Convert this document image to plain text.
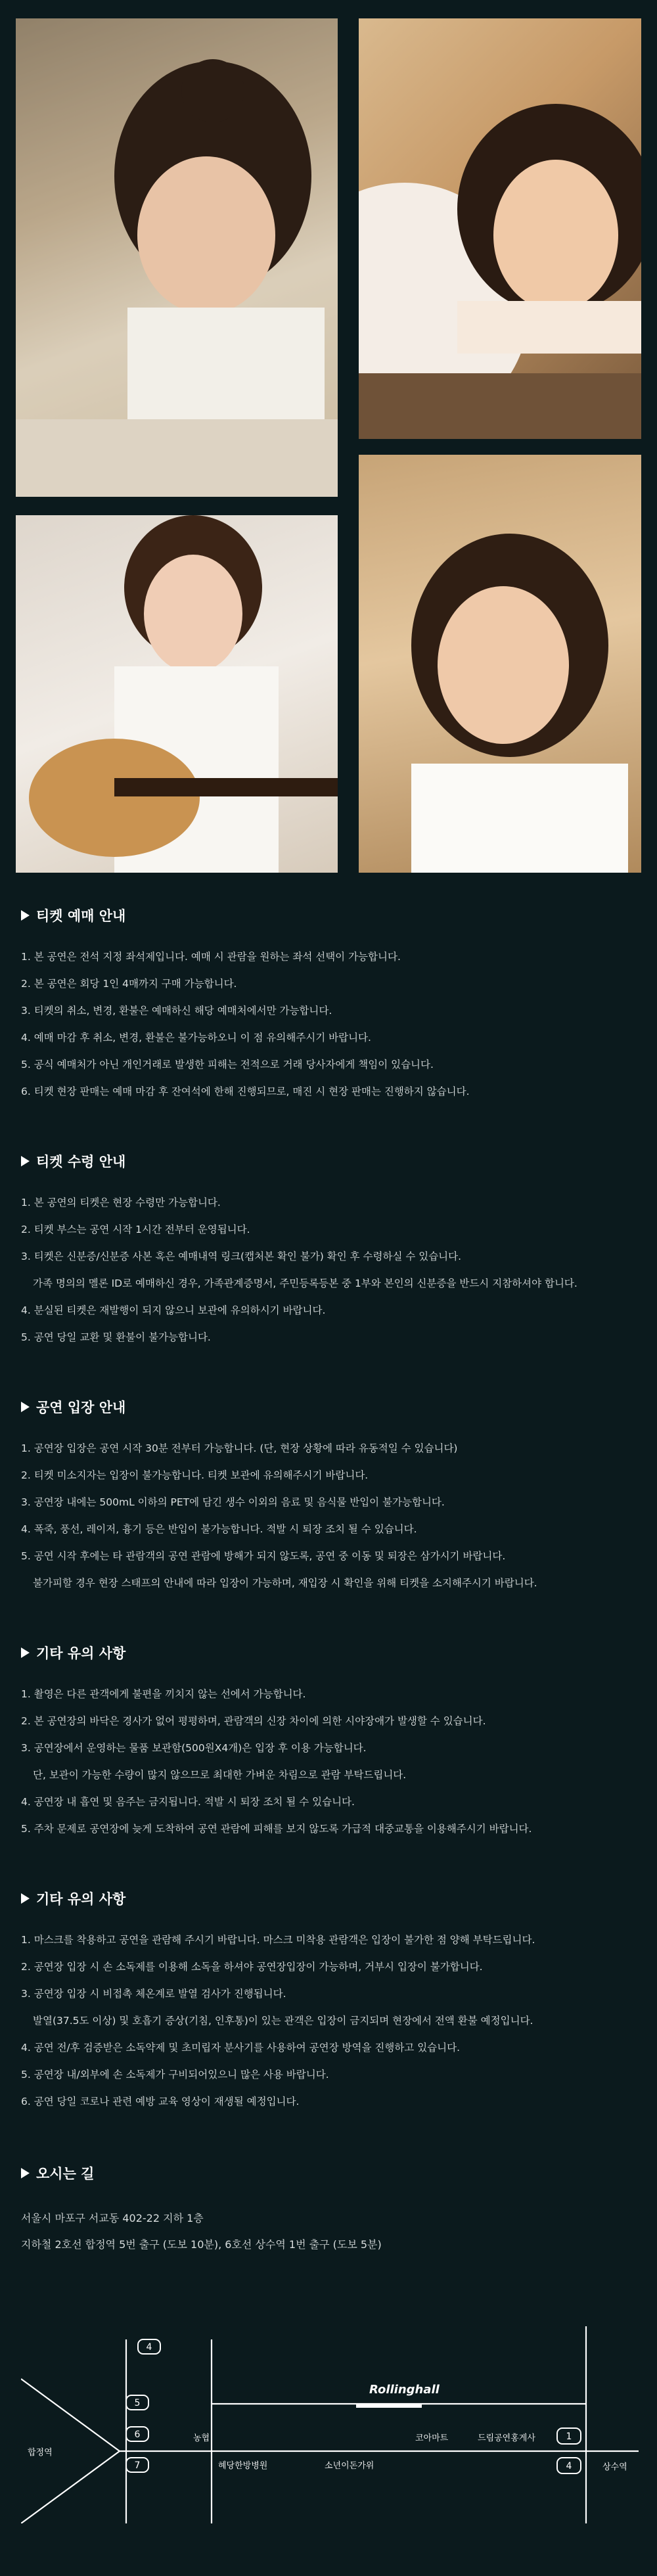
티켓 예매 안내
1. 본 공연은 전석 지정 좌석제입니다. 예매 시 관람을 원하는 좌석 선택이 가능합니다.
2. 본 공연은 회당 1인 4매까지 구매 가능합니다.
3. 티켓의 취소, 변경, 환불은 예매하신 해당 예매처에서만 가능합니다.
4. 예매 마감 후 취소, 변경, 환불은 불가능하오니 이 점 유의해주시기 바랍니다.
5. 공식 예매처가 아닌 개인거래로 발생한 피해는 전적으로 거래 당사자에게 책임이 있습니다.
6. 티켓 현장 판매는 예매 마감 후 잔여석에 한해 진행되므로, 매진 시 현장 판매는 진행하지 않습니다.
티켓 수령 안내
1. 본 공연의 티켓은 현장 수령만 가능합니다.
2. 티켓 부스는 공연 시작 1시간 전부터 운영됩니다.
3. 티켓은 신분증/신분증 사본 혹은 예매내역 링크(캡처본 확인 불가) 확인 후 수령하실 수 있습니다.
가족 명의의 멜론 ID로 예매하신 경우, 가족관계증명서, 주민등록등본 중 1부와 본인의 신분증을 반드시 지참하셔야 합니다.
4. 분실된 티켓은 재발행이 되지 않으니 보관에 유의하시기 바랍니다.
5. 공연 당일 교환 및 환불이 불가능합니다.
공연 입장 안내
1. 공연장 입장은 공연 시작 30분 전부터 가능합니다. (단, 현장 상황에 따라 유동적일 수 있습니다)
2. 티켓 미소지자는 입장이 불가능합니다. 티켓 보관에 유의해주시기 바랍니다.
3. 공연장 내에는 500mL 이하의 PET에 담긴 생수 이외의 음료 및 음식물 반입이 불가능합니다.
4. 폭죽, 풍선, 레이저, 흉기 등은 반입이 불가능합니다. 적발 시 퇴장 조치 될 수 있습니다.
5. 공연 시작 후에는 타 관람객의 공연 관람에 방해가 되지 않도록, 공연 중 이동 및 퇴장은 삼가시기 바랍니다.
불가피할 경우 현장 스태프의 안내에 따라 입장이 가능하며, 재입장 시 확인을 위해 티켓을 소지해주시기 바랍니다.
기타 유의 사항
1. 촬영은 다른 관객에게 불편을 끼치지 않는 선에서 가능합니다.
2. 본 공연장의 바닥은 경사가 없어 평평하며, 관람객의 신장 차이에 의한 시야장애가 발생할 수 있습니다.
3. 공연장에서 운영하는 물품 보관함(500원X4개)은 입장 후 이용 가능합니다.
단, 보관이 가능한 수량이 많지 않으므로 최대한 가벼운 차림으로 관람 부탁드립니다.
4. 공연장 내 흡연 및 음주는 금지됩니다. 적발 시 퇴장 조치 될 수 있습니다.
5. 주차 문제로 공연장에 늦게 도착하여 공연 관람에 피해를 보지 않도록 가급적 대중교통을 이용해주시기 바랍니다.
기타 유의 사항
1. 마스크를 착용하고 공연을 관람해 주시기 바랍니다. 마스크 미착용 관람객은 입장이 불가한 점 양해 부탁드립니다.
2. 공연장 입장 시 손 소독제를 이용해 소독을 하셔야 공연장입장이 가능하며, 거부시 입장이 불가합니다.
3. 공연장 입장 시 비접촉 체온계로 발열 검사가 진행됩니다.
발열(37.5도 이상) 및 호흡기 증상(기침, 인후통)이 있는 관객은 입장이 금지되며 현장에서 전액 환불 예정입니다.
4. 공연 전/후 검증받은 소독약제 및 초미립자 분사기를 사용하여 공연장 방역을 진행하고 있습니다.
5. 공연장 내/외부에 손 소독제가 구비되어있으니 많은 사용 바랍니다.
6. 공연 당일 코로나 관련 예방 교육 영상이 재생될 예정입니다.
오시는 길
서울시 마포구 서교동 402-22 지하 1층
지하철 2호선 합정역 5번 출구 (도보 10분), 6호선 상수역 1번 출구 (도보 5분)
4
5
6
7
1
4
Rollinghall
합정역
상수역
농협
혜당한방병원	소년이돈가위
코아마트	드림공연홍게사
